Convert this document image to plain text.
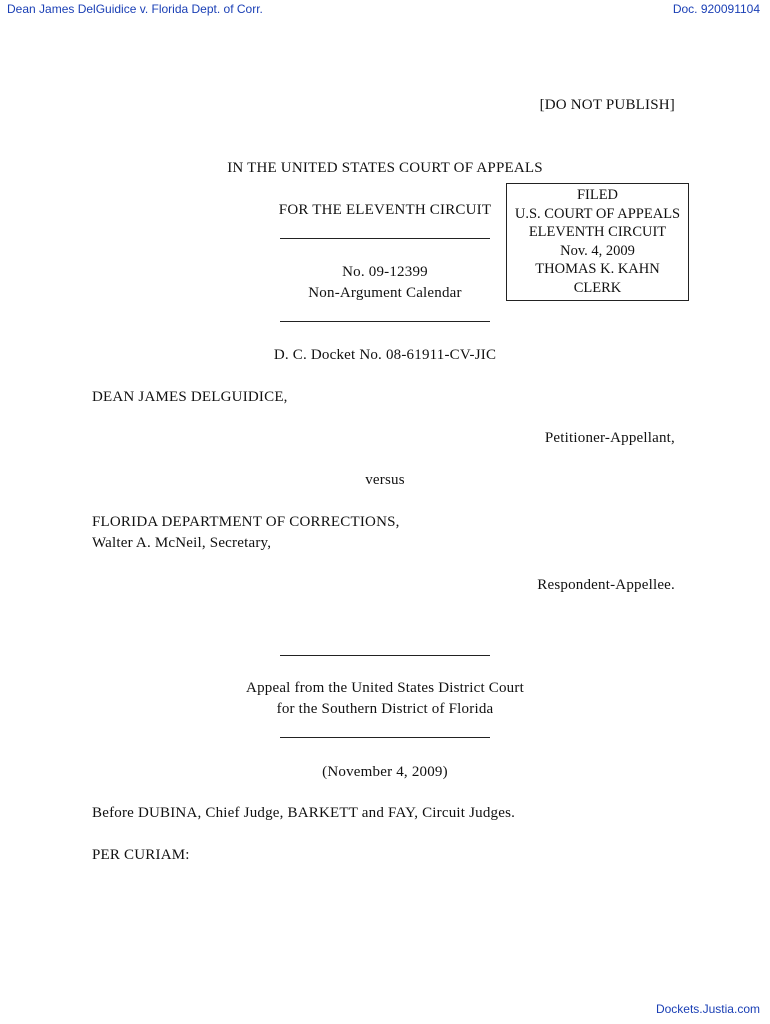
Dean James DelGuidice v. Florida Dept. of Corr.	Doc. 920091104
[DO NOT PUBLISH]
IN THE UNITED STATES COURT OF APPEALS
FOR THE ELEVENTH CIRCUIT
FILED
U.S. COURT OF APPEALS
ELEVENTH CIRCUIT
Nov. 4, 2009
THOMAS K. KAHN
CLERK
No. 09-12399
Non-Argument Calendar
D. C. Docket No. 08-61911-CV-JIC
DEAN JAMES DELGUIDICE,
Petitioner-Appellant,
versus
FLORIDA DEPARTMENT OF CORRECTIONS,
Walter A. McNeil, Secretary,
Respondent-Appellee.
Appeal from the United States District Court
for the Southern District of Florida
(November 4, 2009)
Before DUBINA, Chief Judge, BARKETT and FAY, Circuit Judges.
PER CURIAM:
Dockets.Justia.com
